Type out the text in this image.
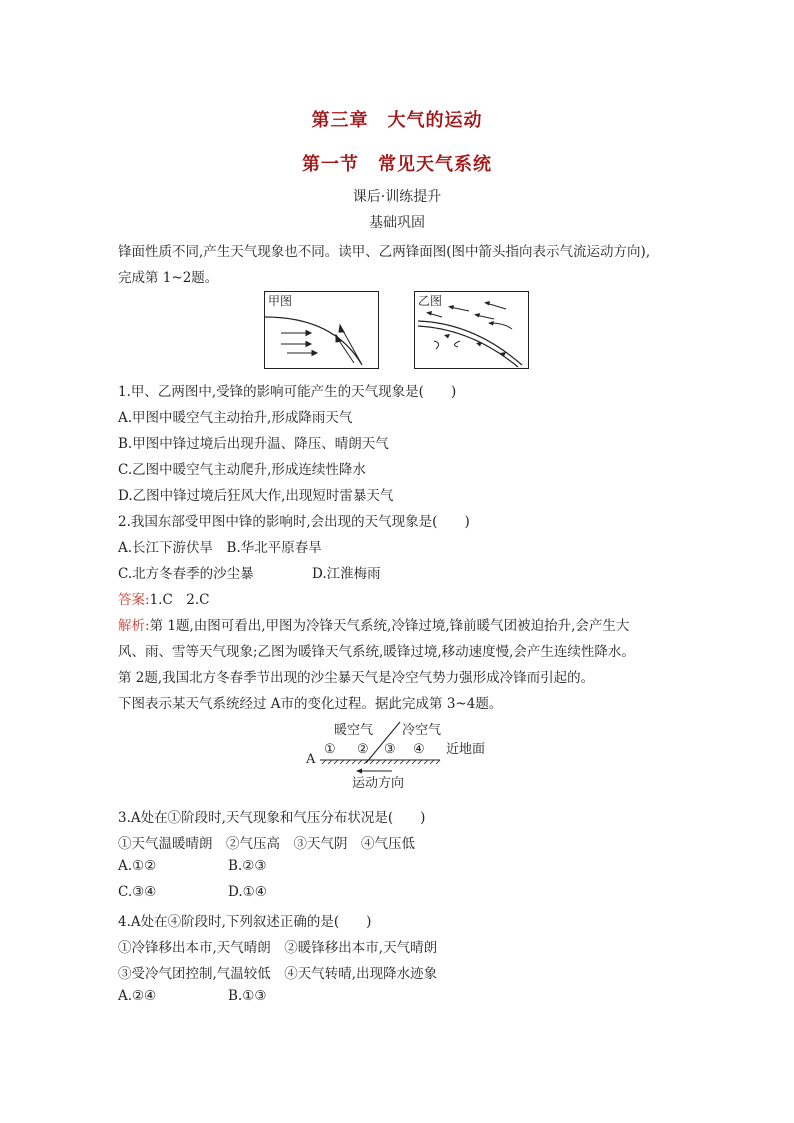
第三章　大气的运动
第一节　常见天气系统
课后·训练提升
基础巩固
锋面性质不同,产生天气现象也不同。读甲、乙两锋面图(图中箭头指向表示气流运动方向),
完成第 1~2题。
甲图	乙图
1.甲、乙两图中,受锋的影响可能产生的天气现象是(　　)
A.甲图中暖空气主动抬升,形成降雨天气
B.甲图中锋过境后出现升温、降压、晴朗天气
C.乙图中暖空气主动爬升,形成连续性降水
D.乙图中锋过境后狂风大作,出现短时雷暴天气
2.我国东部受甲图中锋的影响时,会出现的天气现象是(　　)
A.长江下游伏旱　B.华北平原春旱
C.北方冬春季的沙尘暴	D.江淮梅雨
答案:1.C　2.C
解析:第 1题,由图可看出,甲图为冷锋天气系统,冷锋过境,锋前暖气团被迫抬升,会产生大
风、雨、雪等天气现象;乙图为暖锋天气系统,暖锋过境,移动速度慢,会产生连续性降水。
第 2题,我国北方冬春季节出现的沙尘暴天气是冷空气势力强形成冷锋而引起的。
下图表示某天气系统经过 A市的变化过程。据此完成第 3~4题。
暖空气 冷空气
① ② ③ ④ 近地面
A
运动方向
3.A处在①阶段时,天气现象和气压分布状况是(　　)
①天气温暖晴朗　②气压高　③天气阴　④气压低
A.①②	B.②③
C.③④	D.①④
4.A处在④阶段时,下列叙述正确的是(　　)
①冷锋移出本市,天气晴朗　②暖锋移出本市,天气晴朗
③受冷气团控制,气温较低　④天气转晴,出现降水迹象
A.②④	B.①③
